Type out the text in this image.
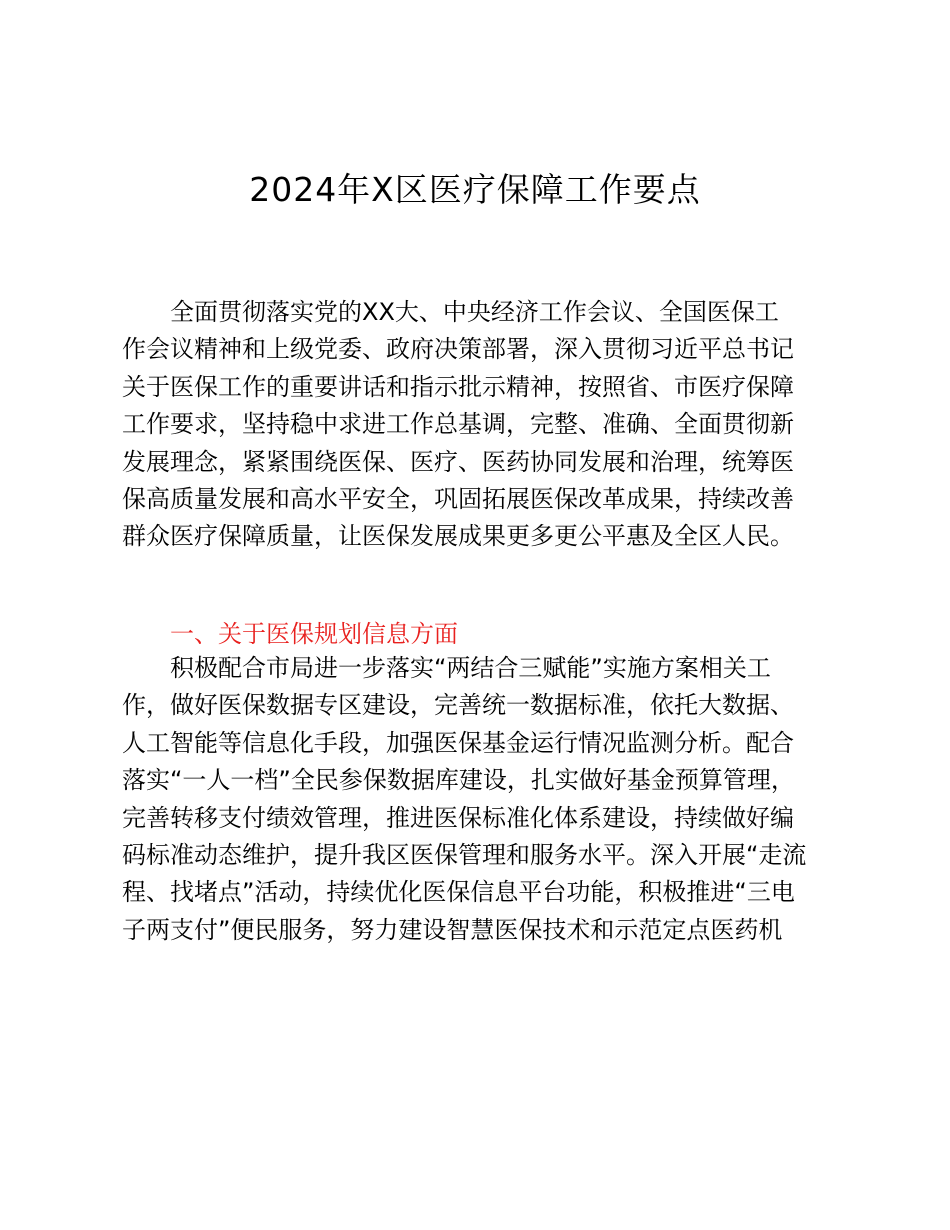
2024年X区医疗保障工作要点
全面贯彻落实党的XX大、中央经济工作会议、全国医保工
作会议精神和上级党委、政府决策部署，深入贯彻习近平总书记
关于医保工作的重要讲话和指示批示精神，按照省、市医疗保障
工作要求，坚持稳中求进工作总基调，完整、准确、全面贯彻新
发展理念，紧紧围绕医保、医疗、医药协同发展和治理，统筹医
保高质量发展和高水平安全，巩固拓展医保改革成果，持续改善
群众医疗保障质量，让医保发展成果更多更公平惠及全区人民。
一、关于医保规划信息方面
积极配合市局进一步落实“两结合三赋能”实施方案相关工
作，做好医保数据专区建设，完善统一数据标准，依托大数据、
人工智能等信息化手段，加强医保基金运行情况监测分析。配合
落实“一人一档”全民参保数据库建设，扎实做好基金预算管理，
完善转移支付绩效管理，推进医保标准化体系建设，持续做好编
码标准动态维护，提升我区医保管理和服务水平。深入开展“走流
程、找堵点”活动，持续优化医保信息平台功能，积极推进“三电
子两支付”便民服务，努力建设智慧医保技术和示范定点医药机
